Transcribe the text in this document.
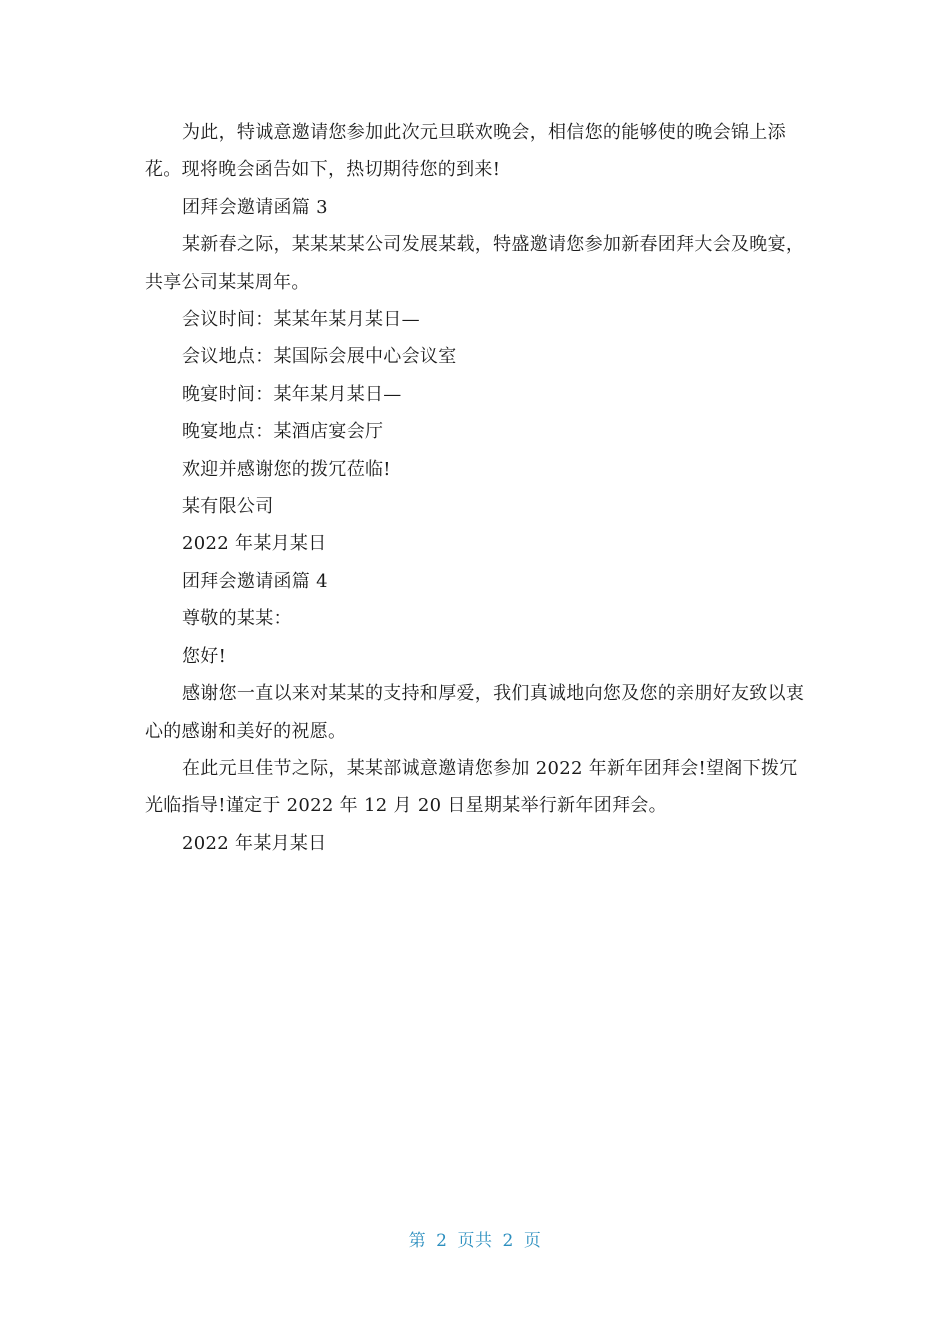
为此，特诚意邀请您参加此次元旦联欢晚会，相信您的能够使的晚会锦上添花。现将晚会函告如下，热切期待您的到来!

团拜会邀请函篇 3

某新春之际，某某某某公司发展某载，特盛邀请您参加新春团拜大会及晚宴，共享公司某某周年。

会议时间：某某年某月某日—

会议地点：某国际会展中心会议室

晚宴时间：某年某月某日—

晚宴地点：某酒店宴会厅

欢迎并感谢您的拨冗莅临!

某有限公司

2022 年某月某日

团拜会邀请函篇 4

尊敬的某某：

您好!

感谢您一直以来对某某的支持和厚爱，我们真诚地向您及您的亲朋好友致以衷心的感谢和美好的祝愿。

在此元旦佳节之际，某某部诚意邀请您参加 2022 年新年团拜会!望阁下拨冗光临指导!谨定于 2022 年 12 月 20 日星期某举行新年团拜会。

2022 年某月某日

第 2 页共 2 页
